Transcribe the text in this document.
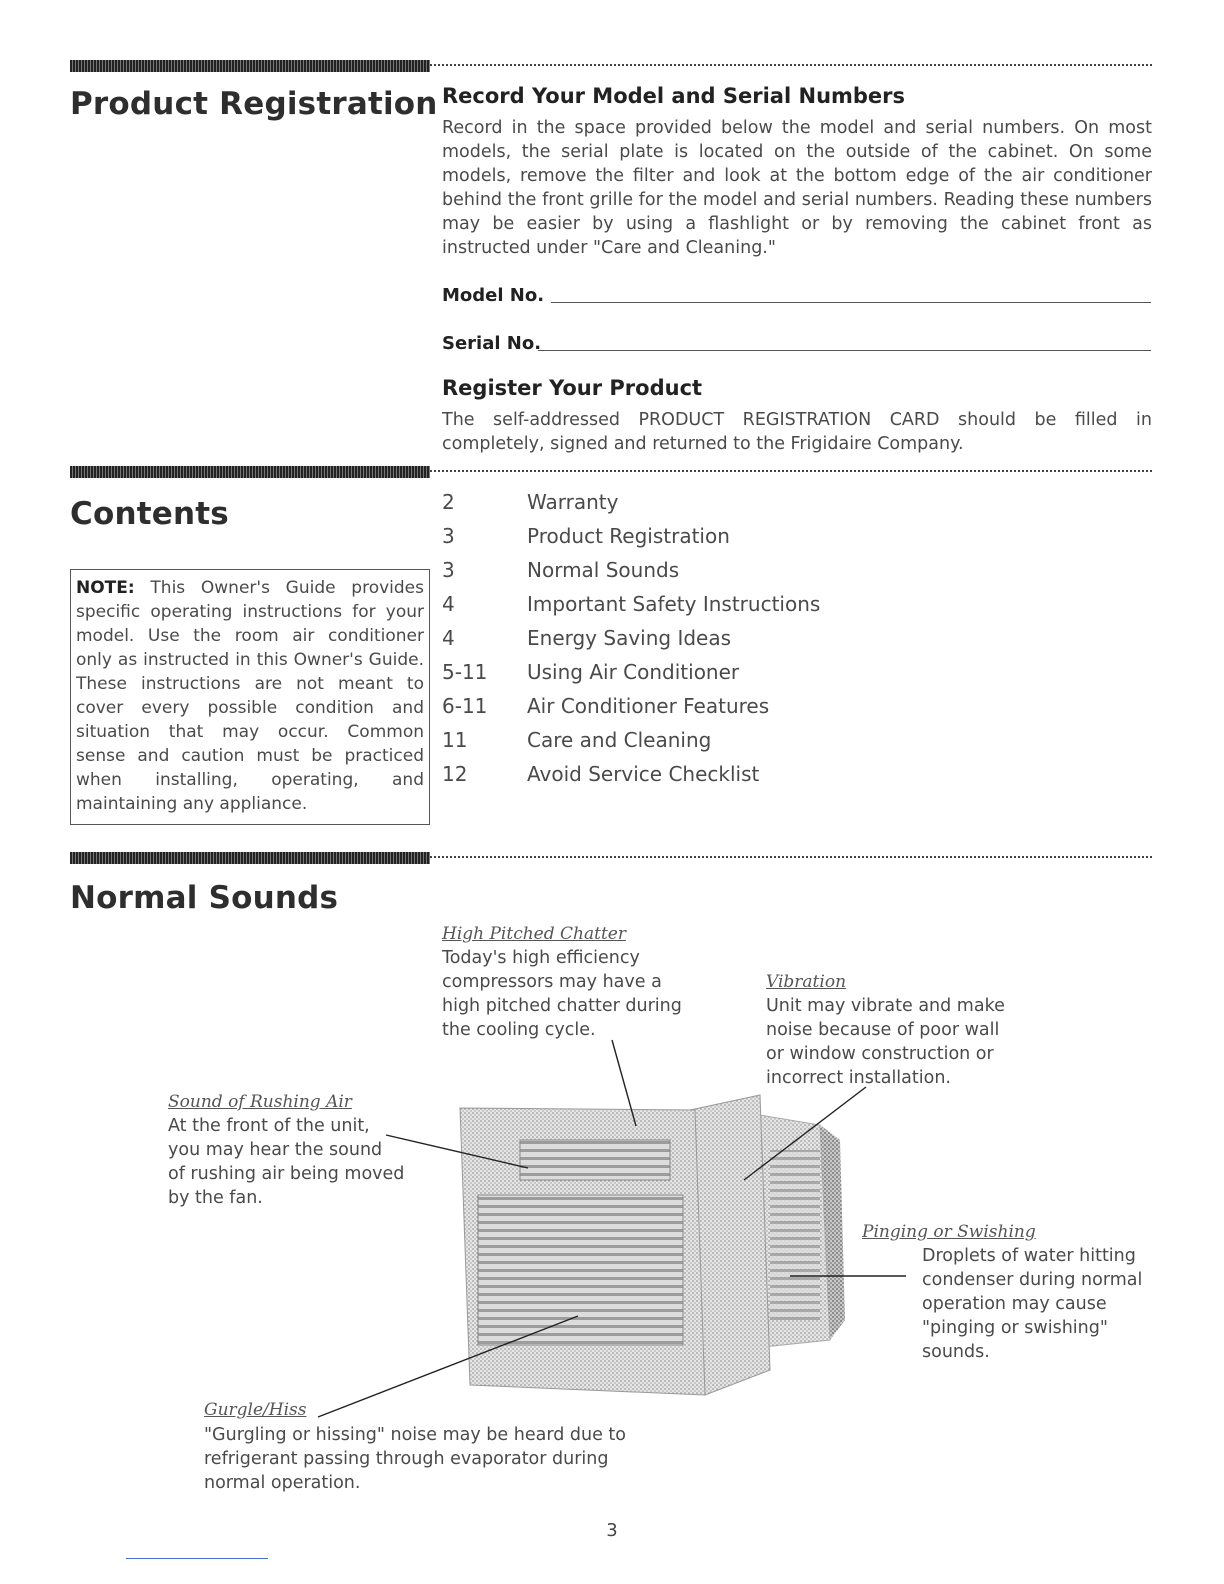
Product Registration Record Your Model and Serial Numbers

Record in the space provided below the model and serial numbers. On most models, the serial plate is located on the outside of the cabinet. On some models, remove the filter and look at the bottom edge of the air conditioner behind the front grille for the model and serial numbers. Reading these numbers may be easier by using a flashlight or by removing the cabinet front as instructed under "Care and Cleaning."

Model No.
Serial No.
Register Your Product

The self-addressed PRODUCT REGISTRATION CARD should be filled in completely, signed and returned to the Frigidaire Company.

Contents
NOTE: This Owner's Guide provides specific operating instructions for your model. Use the room air conditioner only as instructed in this Owner's Guide. These instructions are not meant to cover every possible condition and situation that may occur. Common sense and caution must be practiced when installing, operating, and maintaining any appliance.
2	Warranty
3	Product Registration
3	Normal Sounds
4	Important Safety Instructions
4	Energy Saving Ideas
5-11	Using Air Conditioner
6-11	Air Conditioner Features
11	Care and Cleaning
12	Avoid Service Checklist
Normal Sounds
High Pitched Chatter

Today's high efficiency
compressors may have a
high pitched chatter during
the cooling cycle.

Vibration

Unit may vibrate and make
noise because of poor wall
or window construction or
incorrect installation.

Sound of Rushing Air

At the front of the unit,
you may hear the sound
of rushing air being moved
by the fan.

Pinging or Swishing

Droplets of water hitting
condenser during normal
operation may cause
"pinging or swishing"
sounds.

Gurgle/Hiss

"Gurgling or hissing" noise may be heard due to
refrigerant passing through evaporator during
normal operation.

3
